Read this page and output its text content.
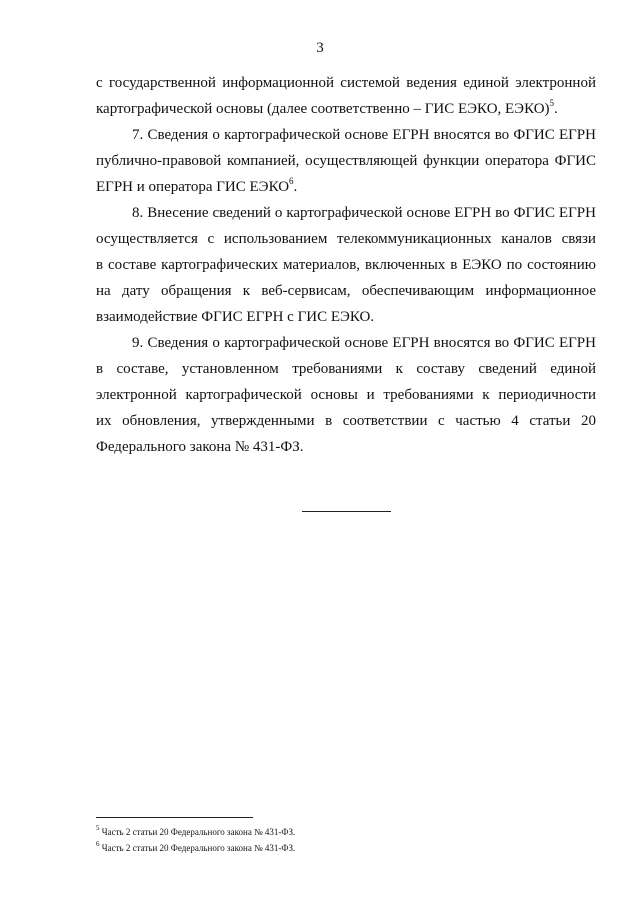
3
с государственной информационной системой ведения единой электронной
картографической основы (далее соответственно – ГИС ЕЭКО, ЕЭКО)$^5$.
7. Сведения о картографической основе ЕГРН вносятся во ФГИС ЕГРН
публично-правовой компанией, осуществляющей функции оператора ФГИС
ЕГРН и оператора ГИС ЕЭКО$^6$.
8. Внесение сведений о картографической основе ЕГРН во ФГИС ЕГРН
осуществляется с использованием телекоммуникационных каналов связи
в составе картографических материалов, включенных в ЕЭКО по состоянию
на дату обращения к веб-сервисам, обеспечивающим информационное
взаимодействие ФГИС ЕГРН с ГИС ЕЭКО.
9. Сведения о картографической основе ЕГРН вносятся во ФГИС ЕГРН
в составе, установленном требованиями к составу сведений единой
электронной картографической основы и требованиями к периодичности
их обновления, утвержденными в соответствии с частью 4 статьи 20
Федерального закона № 431-ФЗ.
$^5$ Часть 2 статьи 20 Федерального закона № 431-ФЗ.
$^6$ Часть 2 статьи 20 Федерального закона № 431-ФЗ.
